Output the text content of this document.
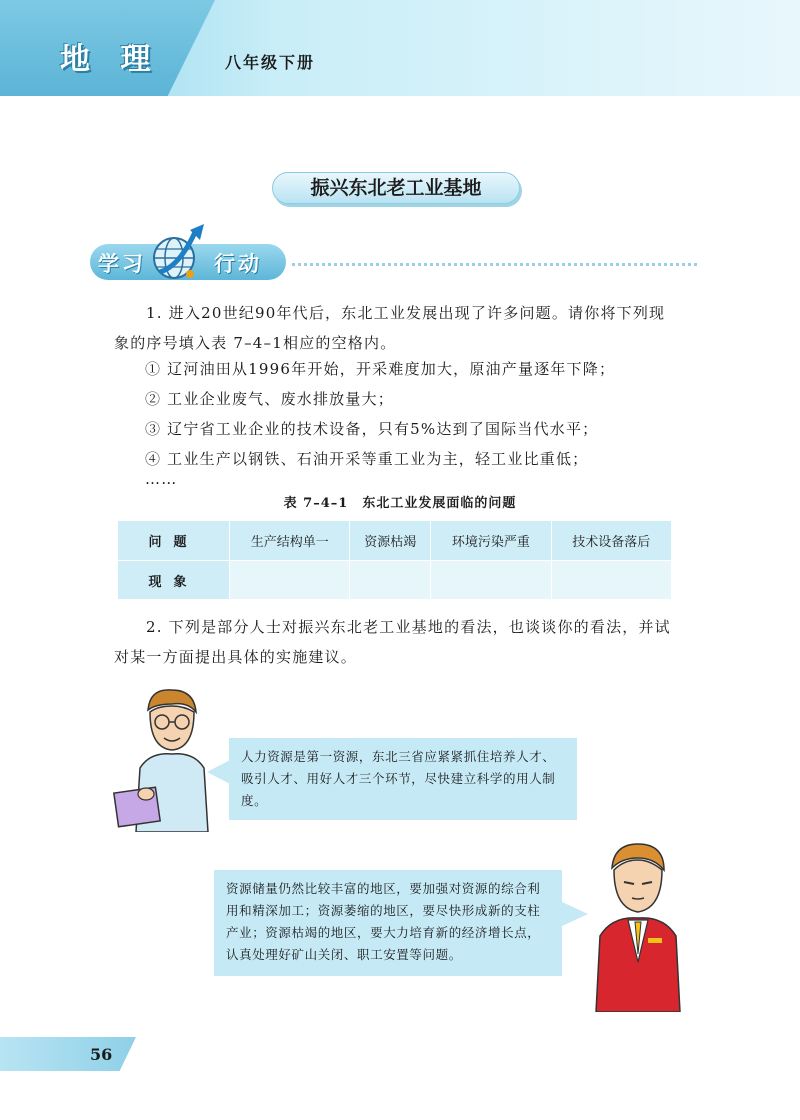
地 理	八年级下册
振兴东北老工业基地
学习	行动
1. 进入20世纪90年代后，东北工业发展出现了许多问题。请你将下列现象的序号填入表 7–4–1相应的空格内。
① 辽河油田从1996年开始，开采难度加大，原油产量逐年下降；
② 工业企业废气、废水排放量大；
③ 辽宁省工业企业的技术设备，只有5%达到了国际当代水平；
④ 工业生产以钢铁、石油开采等重工业为主，轻工业比重低；
……
表 7–4–1　东北工业发展面临的问题
问题	生产结构单一	资源枯竭	环境污染严重	技术设备落后
现象				
2. 下列是部分人士对振兴东北老工业基地的看法，也谈谈你的看法，并试对某一方面提出具体的实施建议。
人力资源是第一资源，东北三省应紧紧抓住培养人才、吸引人才、用好人才三个环节，尽快建立科学的用人制度。
资源储量仍然比较丰富的地区，要加强对资源的综合利用和精深加工；资源萎缩的地区，要尽快形成新的支柱产业；资源枯竭的地区，要大力培育新的经济增长点，认真处理好矿山关闭、职工安置等问题。
56
